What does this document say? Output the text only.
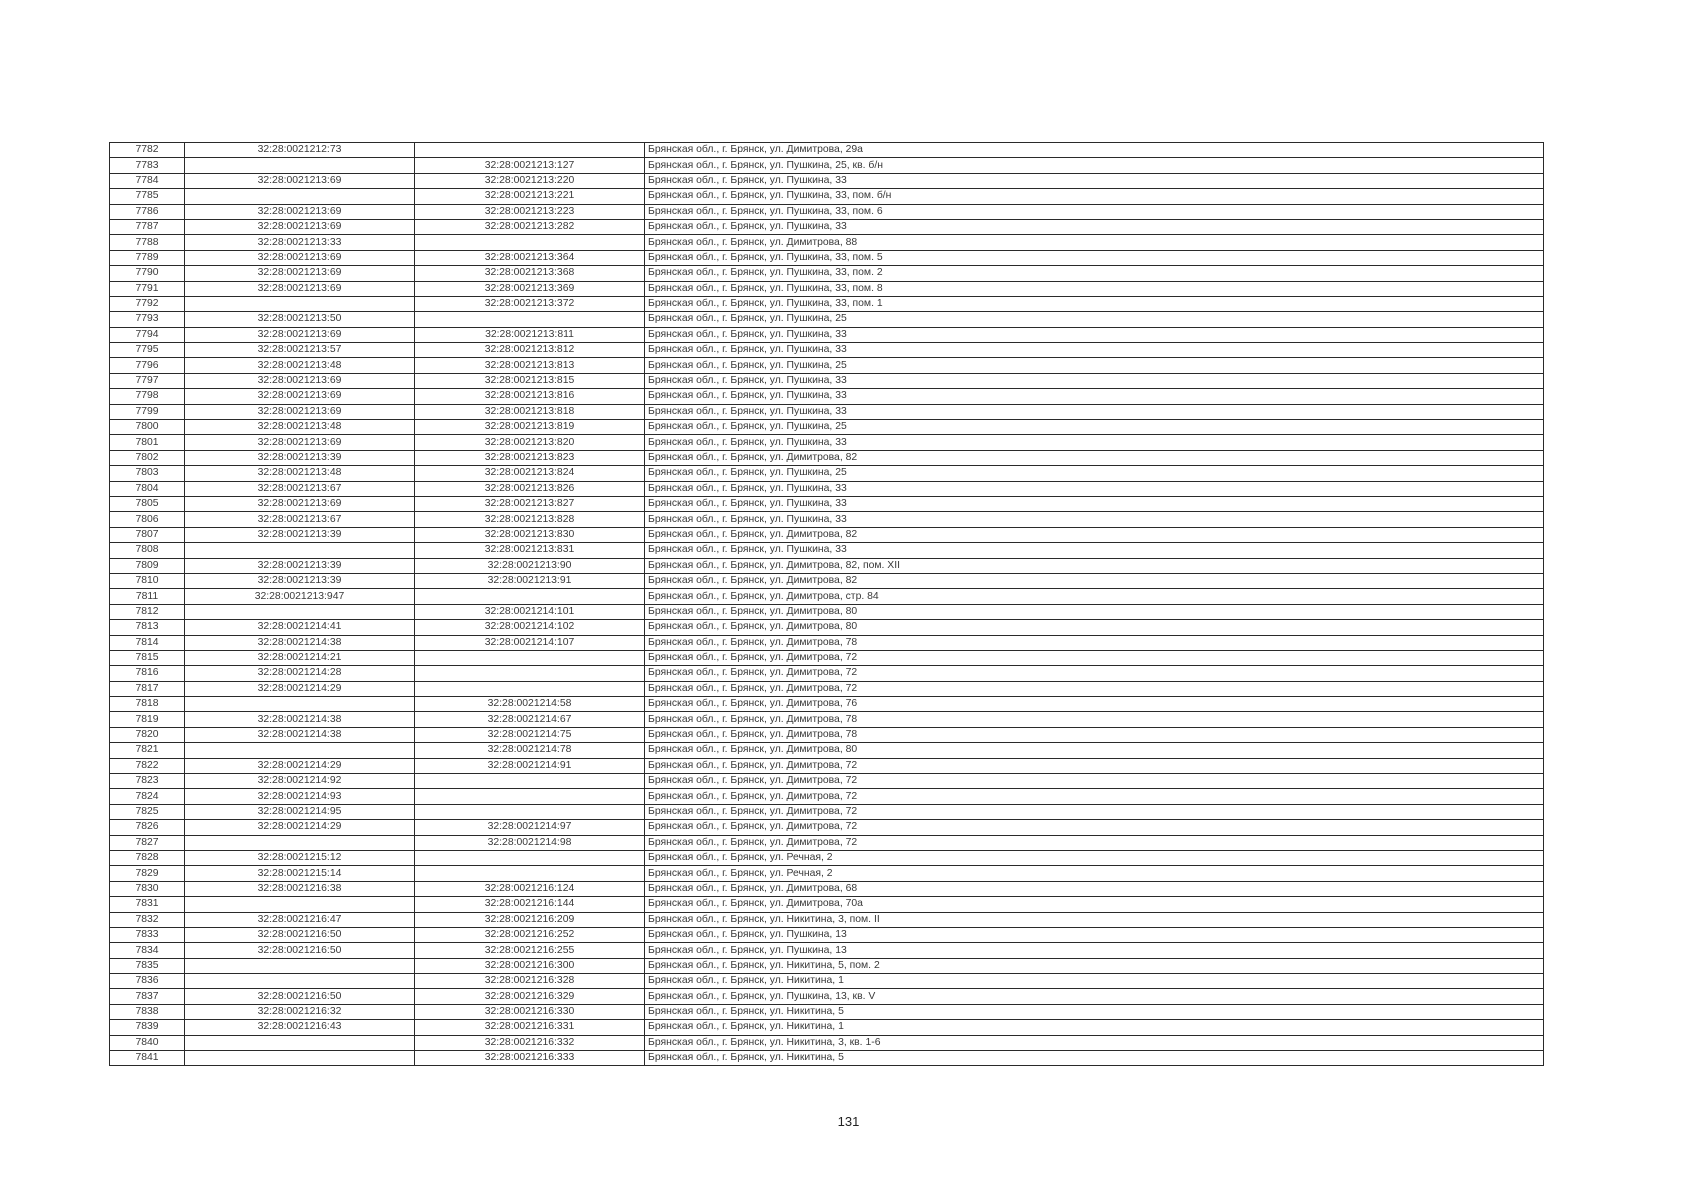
7782	32:28:0021212:73		Брянская обл., г. Брянск, ул. Димитрова, 29а
7783		32:28:0021213:127	Брянская обл., г. Брянск, ул. Пушкина, 25, кв. б/н
7784	32:28:0021213:69	32:28:0021213:220	Брянская обл., г. Брянск, ул. Пушкина, 33
7785		32:28:0021213:221	Брянская обл., г. Брянск, ул. Пушкина, 33, пом. б/н
7786	32:28:0021213:69	32:28:0021213:223	Брянская обл., г. Брянск, ул. Пушкина, 33, пом. 6
7787	32:28:0021213:69	32:28:0021213:282	Брянская обл., г. Брянск, ул. Пушкина, 33
7788	32:28:0021213:33		Брянская обл., г. Брянск, ул. Димитрова, 88
7789	32:28:0021213:69	32:28:0021213:364	Брянская обл., г. Брянск, ул. Пушкина, 33, пом. 5
7790	32:28:0021213:69	32:28:0021213:368	Брянская обл., г. Брянск, ул. Пушкина, 33, пом. 2
7791	32:28:0021213:69	32:28:0021213:369	Брянская обл., г. Брянск, ул. Пушкина, 33, пом. 8
7792		32:28:0021213:372	Брянская обл., г. Брянск, ул. Пушкина, 33, пом. 1
7793	32:28:0021213:50		Брянская обл., г. Брянск, ул. Пушкина, 25
7794	32:28:0021213:69	32:28:0021213:811	Брянская обл., г. Брянск, ул. Пушкина, 33
7795	32:28:0021213:57	32:28:0021213:812	Брянская обл., г. Брянск, ул. Пушкина, 33
7796	32:28:0021213:48	32:28:0021213:813	Брянская обл., г. Брянск, ул. Пушкина, 25
7797	32:28:0021213:69	32:28:0021213:815	Брянская обл., г. Брянск, ул. Пушкина, 33
7798	32:28:0021213:69	32:28:0021213:816	Брянская обл., г. Брянск, ул. Пушкина, 33
7799	32:28:0021213:69	32:28:0021213:818	Брянская обл., г. Брянск, ул. Пушкина, 33
7800	32:28:0021213:48	32:28:0021213:819	Брянская обл., г. Брянск, ул. Пушкина, 25
7801	32:28:0021213:69	32:28:0021213:820	Брянская обл., г. Брянск, ул. Пушкина, 33
7802	32:28:0021213:39	32:28:0021213:823	Брянская обл., г. Брянск, ул. Димитрова, 82
7803	32:28:0021213:48	32:28:0021213:824	Брянская обл., г. Брянск, ул. Пушкина, 25
7804	32:28:0021213:67	32:28:0021213:826	Брянская обл., г. Брянск, ул. Пушкина, 33
7805	32:28:0021213:69	32:28:0021213:827	Брянская обл., г. Брянск, ул. Пушкина, 33
7806	32:28:0021213:67	32:28:0021213:828	Брянская обл., г. Брянск, ул. Пушкина, 33
7807	32:28:0021213:39	32:28:0021213:830	Брянская обл., г. Брянск, ул. Димитрова, 82
7808		32:28:0021213:831	Брянская обл., г. Брянск, ул. Пушкина, 33
7809	32:28:0021213:39	32:28:0021213:90	Брянская обл., г. Брянск, ул. Димитрова, 82, пом. XII
7810	32:28:0021213:39	32:28:0021213:91	Брянская обл., г. Брянск, ул. Димитрова, 82
7811	32:28:0021213:947		Брянская обл., г. Брянск, ул. Димитрова, стр. 84
7812		32:28:0021214:101	Брянская обл., г. Брянск, ул. Димитрова, 80
7813	32:28:0021214:41	32:28:0021214:102	Брянская обл., г. Брянск, ул. Димитрова, 80
7814	32:28:0021214:38	32:28:0021214:107	Брянская обл., г. Брянск, ул. Димитрова, 78
7815	32:28:0021214:21		Брянская обл., г. Брянск, ул. Димитрова, 72
7816	32:28:0021214:28		Брянская обл., г. Брянск, ул. Димитрова, 72
7817	32:28:0021214:29		Брянская обл., г. Брянск, ул. Димитрова, 72
7818		32:28:0021214:58	Брянская обл., г. Брянск, ул. Димитрова, 76
7819	32:28:0021214:38	32:28:0021214:67	Брянская обл., г. Брянск, ул. Димитрова, 78
7820	32:28:0021214:38	32:28:0021214:75	Брянская обл., г. Брянск, ул. Димитрова, 78
7821		32:28:0021214:78	Брянская обл., г. Брянск, ул. Димитрова, 80
7822	32:28:0021214:29	32:28:0021214:91	Брянская обл., г. Брянск, ул. Димитрова, 72
7823	32:28:0021214:92		Брянская обл., г. Брянск, ул. Димитрова, 72
7824	32:28:0021214:93		Брянская обл., г. Брянск, ул. Димитрова, 72
7825	32:28:0021214:95		Брянская обл., г. Брянск, ул. Димитрова, 72
7826	32:28:0021214:29	32:28:0021214:97	Брянская обл., г. Брянск, ул. Димитрова, 72
7827		32:28:0021214:98	Брянская обл., г. Брянск, ул. Димитрова, 72
7828	32:28:0021215:12		Брянская обл., г. Брянск, ул. Речная, 2
7829	32:28:0021215:14		Брянская обл., г. Брянск, ул. Речная, 2
7830	32:28:0021216:38	32:28:0021216:124	Брянская обл., г. Брянск, ул. Димитрова, 68
7831		32:28:0021216:144	Брянская обл., г. Брянск, ул. Димитрова, 70а
7832	32:28:0021216:47	32:28:0021216:209	Брянская обл., г. Брянск, ул. Никитина, 3, пом. II
7833	32:28:0021216:50	32:28:0021216:252	Брянская обл., г. Брянск, ул. Пушкина, 13
7834	32:28:0021216:50	32:28:0021216:255	Брянская обл., г. Брянск, ул. Пушкина, 13
7835		32:28:0021216:300	Брянская обл., г. Брянск, ул. Никитина, 5, пом. 2
7836		32:28:0021216:328	Брянская обл., г. Брянск, ул. Никитина, 1
7837	32:28:0021216:50	32:28:0021216:329	Брянская обл., г. Брянск, ул. Пушкина, 13, кв. V
7838	32:28:0021216:32	32:28:0021216:330	Брянская обл., г. Брянск, ул. Никитина, 5
7839	32:28:0021216:43	32:28:0021216:331	Брянская обл., г. Брянск, ул. Никитина, 1
7840		32:28:0021216:332	Брянская обл., г. Брянск, ул. Никитина, 3, кв. 1-6
7841		32:28:0021216:333	Брянская обл., г. Брянск, ул. Никитина, 5
131
